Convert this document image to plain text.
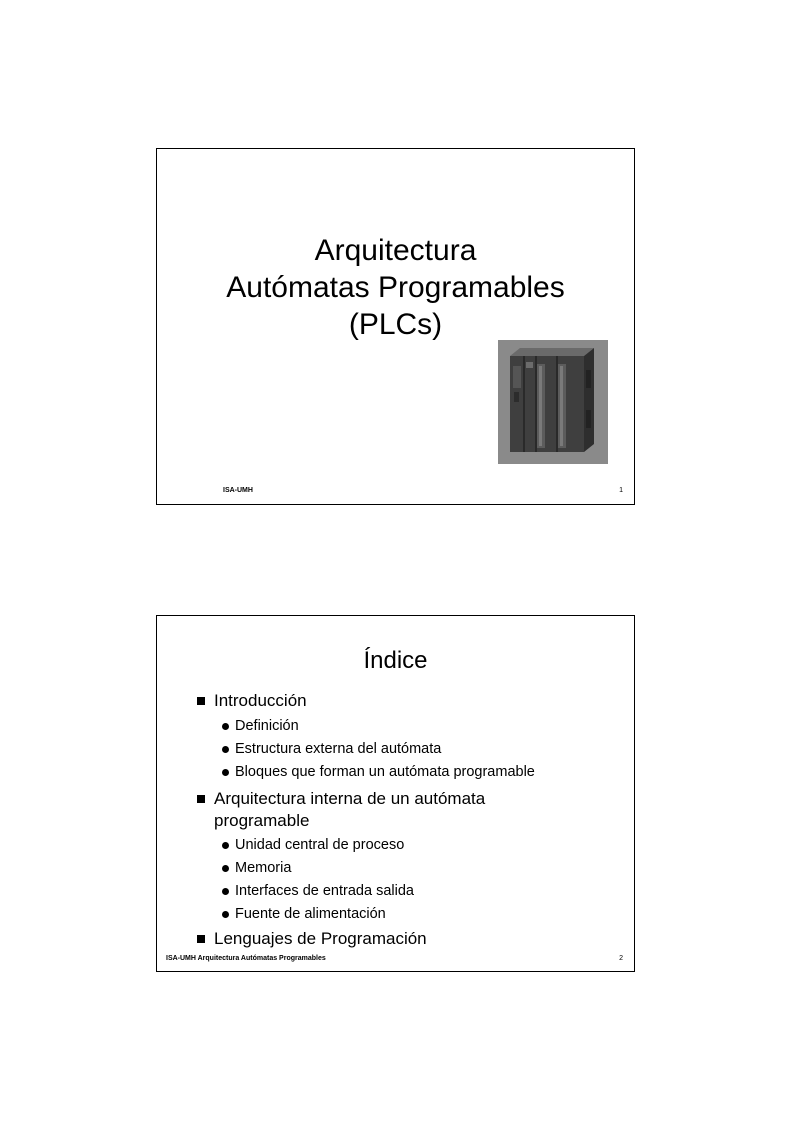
Arquitectura
Autómatas Programables
(PLCs)
ISA-UMH	1
Índice
Introducción
Definición
Estructura externa del autómata
Bloques que forman un autómata programable
Arquitectura interna de un autómata
programable
Unidad central de proceso
Memoria
Interfaces de entrada salida
Fuente de alimentación
Lenguajes de Programación
ISA-UMH Arquitectura Autómatas Programables	2
